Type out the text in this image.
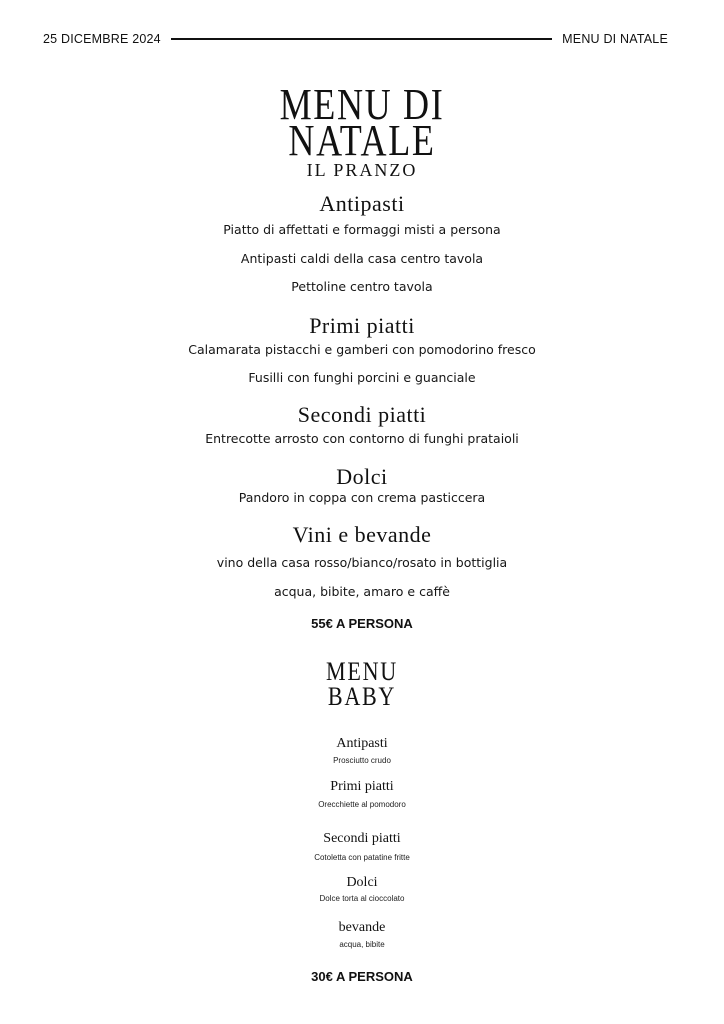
25 DICEMBRE 2024	MENU DI NATALE
MENU DI
NATALE
IL PRANZO
Antipasti
Piatto di affettati e formaggi misti a persona
Antipasti caldi della casa centro tavola
Pettoline centro tavola
Primi piatti
Calamarata pistacchi e gamberi con pomodorino fresco
Fusilli con funghi porcini e guanciale
Secondi piatti
Entrecotte arrosto con contorno di funghi prataioli
Dolci
Pandoro in coppa con crema pasticcera
Vini e bevande
vino della casa rosso/bianco/rosato in bottiglia
acqua, bibite, amaro e caffè
55€ A PERSONA
MENU
BABY
Antipasti
Prosciutto crudo
Primi piatti
Orecchiette al pomodoro
Secondi piatti
Cotoletta con patatine fritte
Dolci
Dolce torta al cioccolato
bevande
acqua, bibite
30€ A PERSONA
